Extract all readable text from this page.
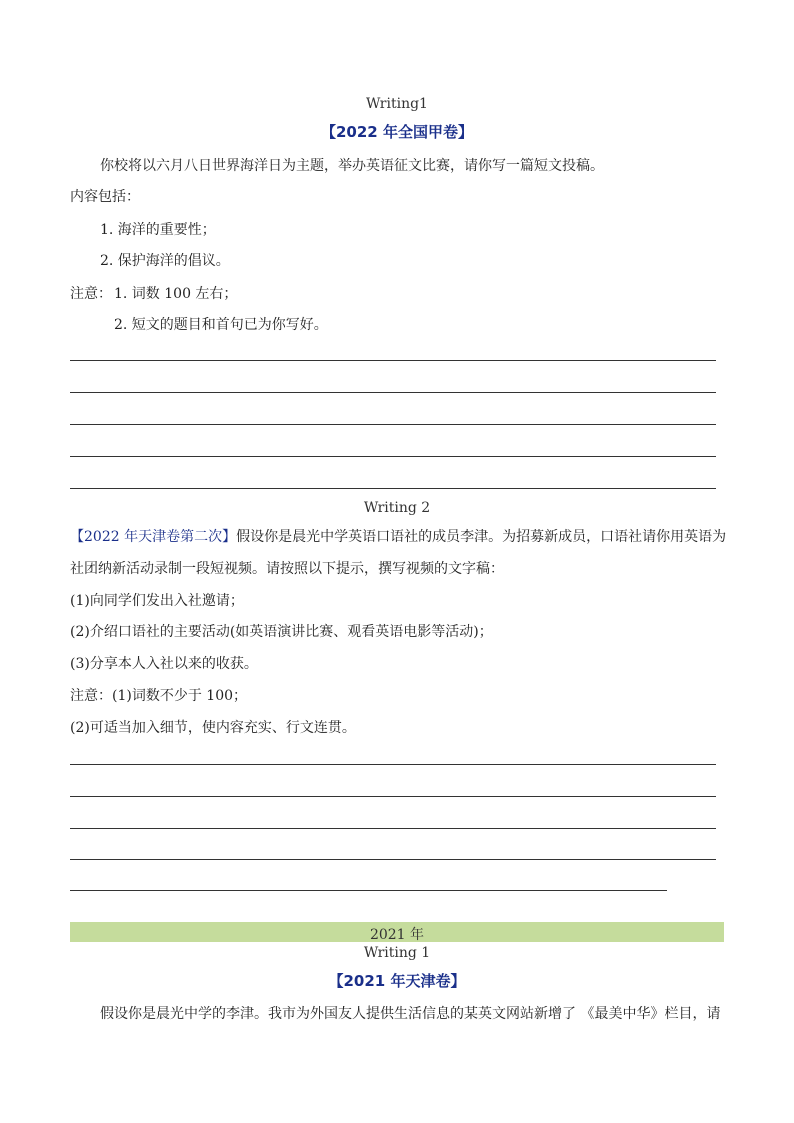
Writing1
【2022 年全国甲卷】
你校将以六月八日世界海洋日为主题，举办英语征文比赛，请你写一篇短文投稿。
内容包括：
1. 海洋的重要性；
2. 保护海洋的倡议。
注意： 1. 词数 100 左右；
2. 短文的题目和首句已为你写好。
Writing 2
【2022 年天津卷第二次】假设你是晨光中学英语口语社的成员李津。为招募新成员，口语社请你用英语为
社团纳新活动录制一段短视频。请按照以下提示，撰写视频的文字稿：
(1)向同学们发出入社邀请；
(2)介绍口语社的主要活动(如英语演讲比赛、观看英语电影等活动)；
(3)分享本人入社以来的收获。
注意：(1)词数不少于 100；
(2)可适当加入细节，使内容充实、行文连贯。
2021 年
Writing 1
【2021 年天津卷】
假设你是晨光中学的李津。我市为外国友人提供生活信息的某英文网站新增了 《最美中华》栏目，请
